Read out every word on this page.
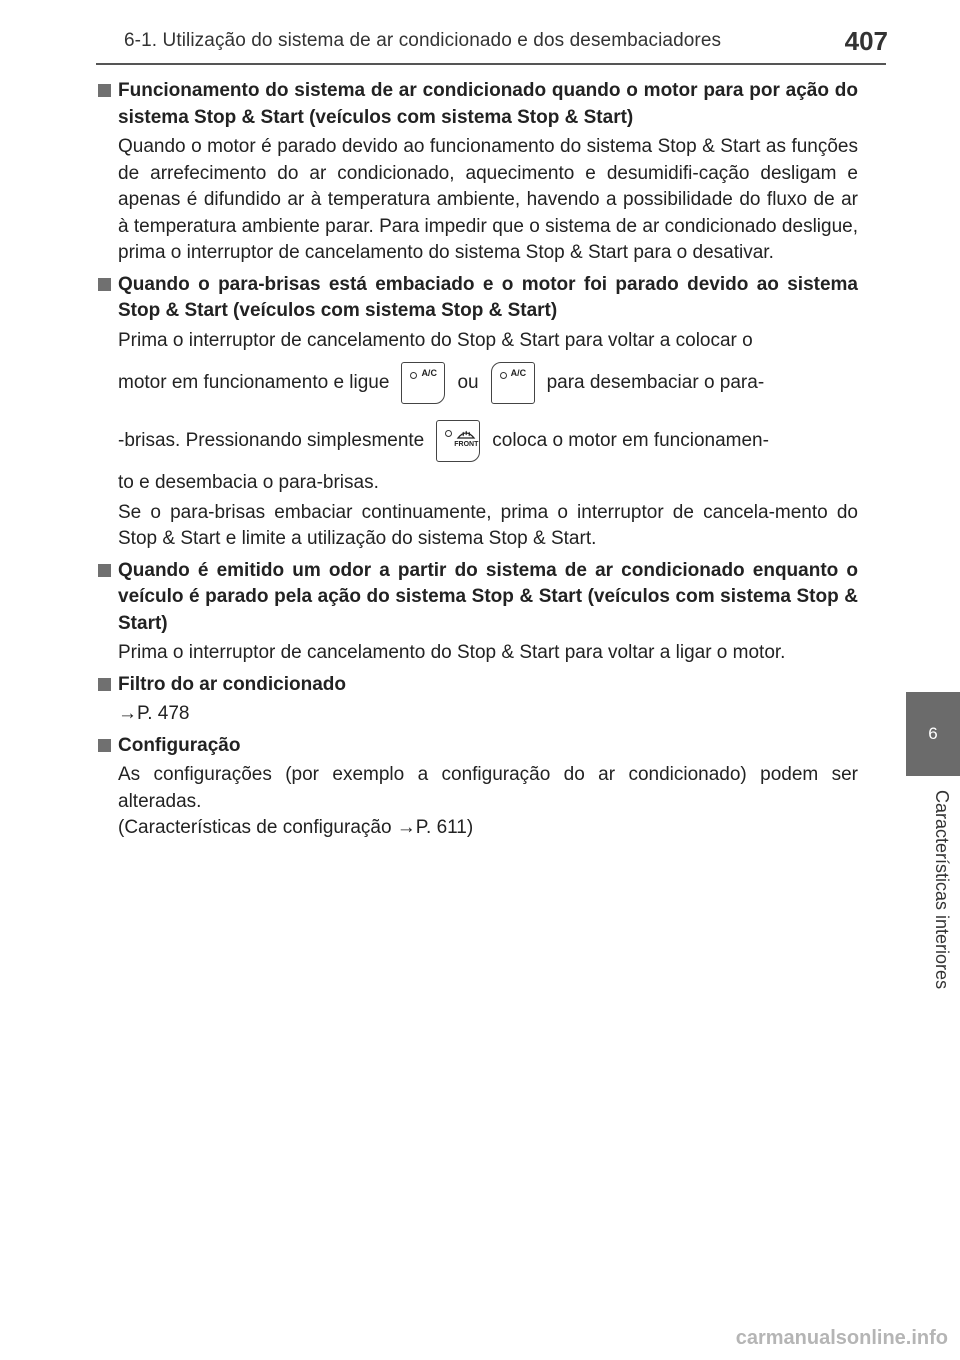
6-1. Utilização do sistema de ar condicionado e dos desembaciadores	407
6
Características interiores
Funcionamento do sistema de ar condicionado quando o motor para por ação do sistema Stop & Start (veículos com sistema Stop & Start)
Quando o motor é parado devido ao funcionamento do sistema Stop & Start as funções de arrefecimento do ar condicionado, aquecimento e desumidifi-cação desligam e apenas é difundido ar à temperatura ambiente, havendo a possibilidade do fluxo de ar à temperatura ambiente parar. Para impedir que o sistema de ar condicionado desligue, prima o interruptor de cancelamento do sistema Stop & Start para o desativar.
Quando o para-brisas está embaciado e o motor foi parado devido ao sistema Stop & Start (veículos com sistema Stop & Start)
Prima o interruptor de cancelamento do Stop & Start para voltar a colocar o
motor em funcionamento e ligue	A/C ou	A/C para desembaciar o para-
-brisas. Pressionando simplesmente	FRONT coloca o motor em funcionamen-
to e desembacia o para-brisas.
Se o para-brisas embaciar continuamente, prima o interruptor de cancela-mento do Stop & Start e limite a utilização do sistema Stop & Start.
Quando é emitido um odor a partir do sistema de ar condicionado enquanto o veículo é parado pela ação do sistema Stop & Start (veículos com sistema Stop & Start)
Prima o interruptor de cancelamento do Stop & Start para voltar a ligar o motor.
Filtro do ar condicionado
→P. 478
Configuração
As configurações (por exemplo a configuração do ar condicionado) podem ser alteradas.
(Características de configuração →P. 611)
carmanualsonline.info
